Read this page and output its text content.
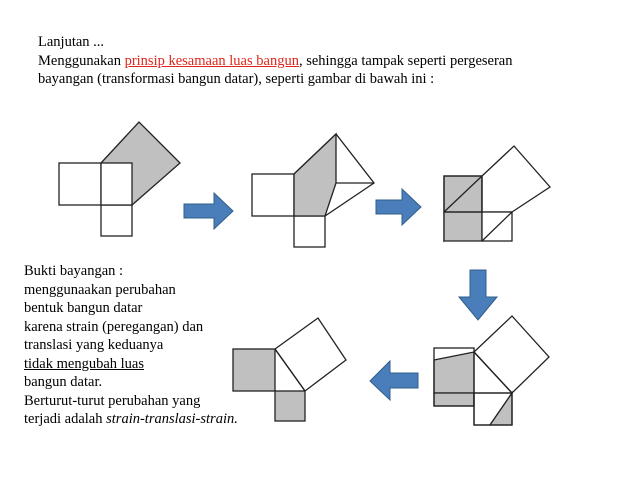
Lanjutan ...

Menggunakan prinsip kesamaan luas bangun, sehingga tampak seperti pergeseran

bayangan (transformasi bangun datar), seperti gambar di bawah ini :

Bukti bayangan :

menggunaakan perubahan

bentuk bangun datar

karena strain (peregangan) dan

translasi yang keduanya

tidak mengubah luas

bangun datar.

Berturut-turut perubahan yang

terjadi adalah strain-translasi-strain.
